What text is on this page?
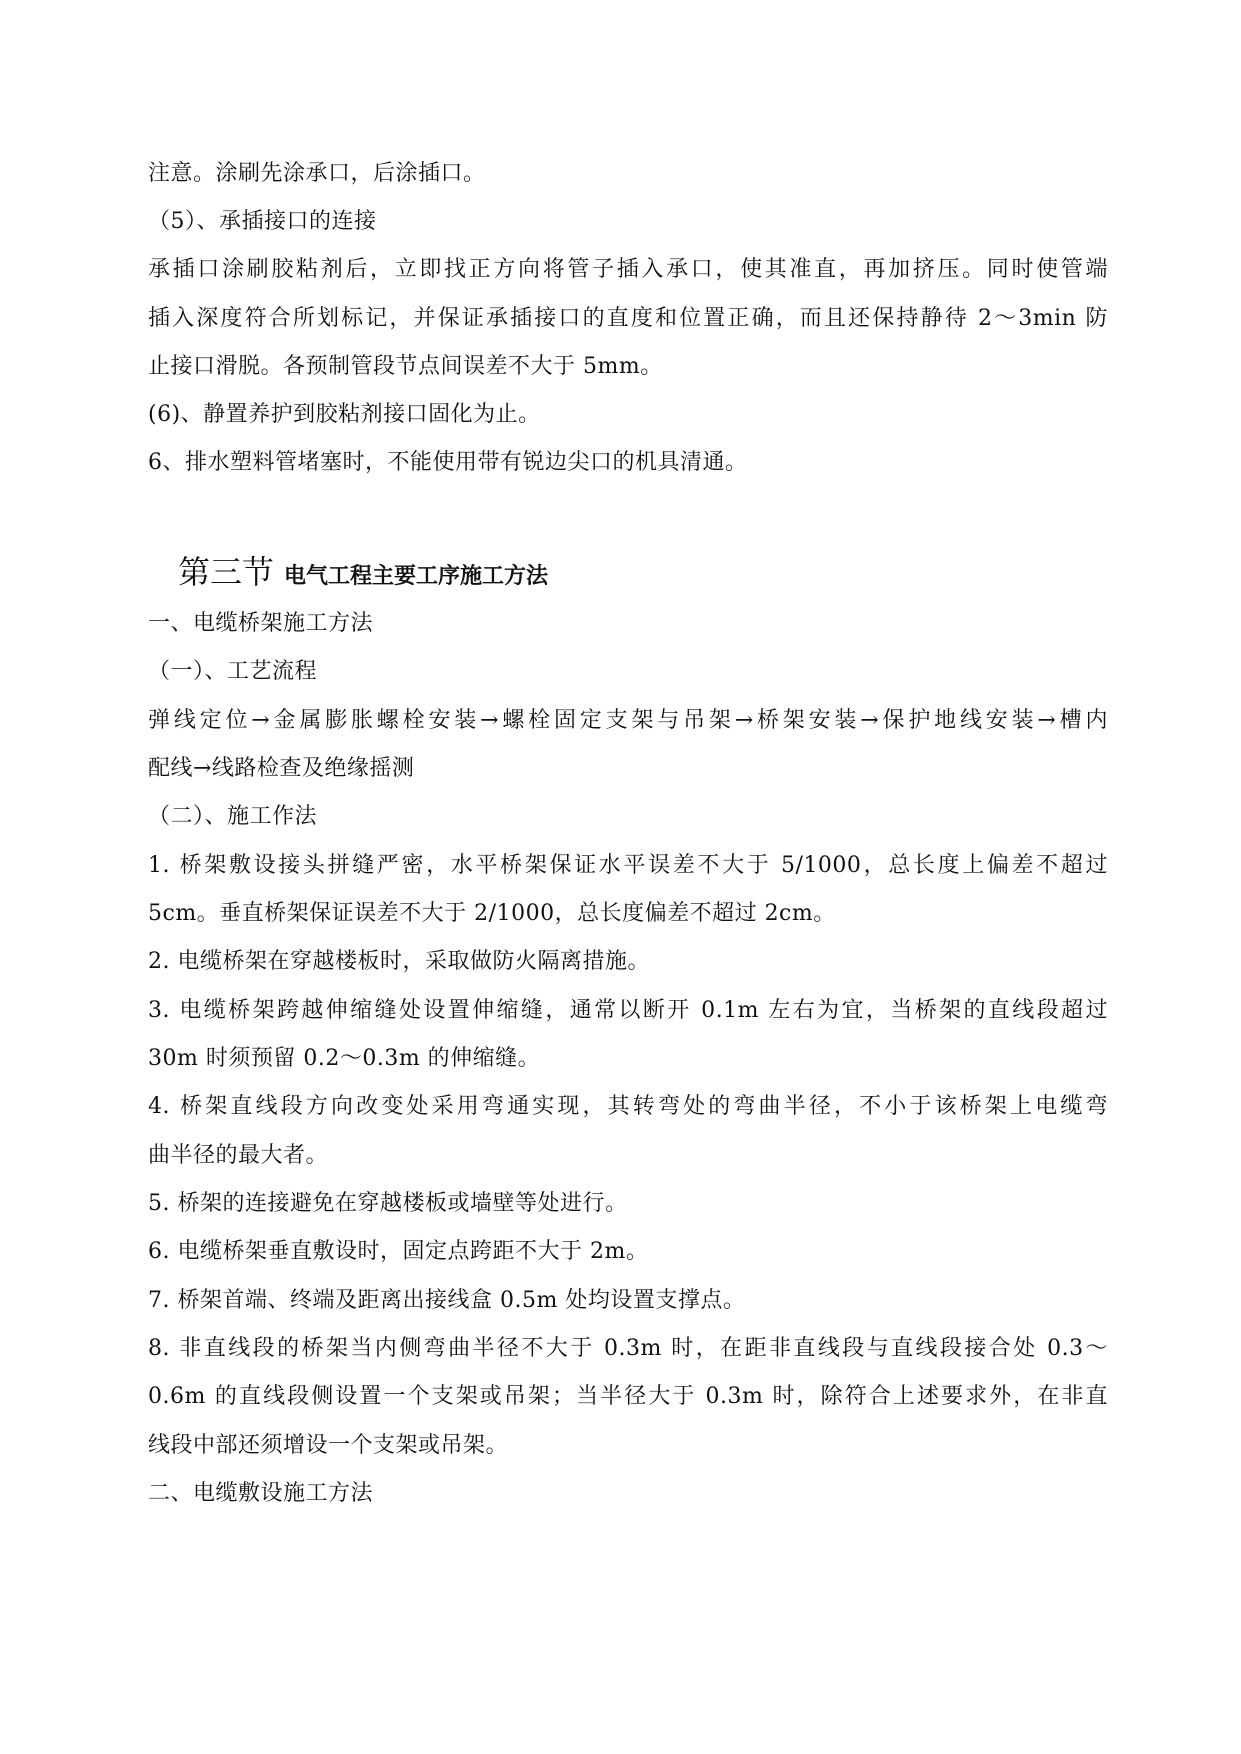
注意。涂刷先涂承口，后涂插口。
（5）、承插接口的连接
承插口涂刷胶粘剂后，立即找正方向将管子插入承口，使其准直，再加挤压。同时使管端
插入深度符合所划标记，并保证承插接口的直度和位置正确，而且还保持静待 2～3min 防
止接口滑脱。各预制管段节点间误差不大于 5mm。
(6)、静置养护到胶粘剂接口固化为止。
6、排水塑料管堵塞时，不能使用带有锐边尖口的机具清通。
第三节 电气工程主要工序施工方法
一、电缆桥架施工方法
（一）、工艺流程
弹线定位→金属膨胀螺栓安装→螺栓固定支架与吊架→桥架安装→保护地线安装→槽内
配线→线路检查及绝缘摇测
（二）、施工作法
1. 桥架敷设接头拼缝严密，水平桥架保证水平误差不大于 5/1000，总长度上偏差不超过
5cm。垂直桥架保证误差不大于 2/1000，总长度偏差不超过 2cm。
2. 电缆桥架在穿越楼板时，采取做防火隔离措施。
3. 电缆桥架跨越伸缩缝处设置伸缩缝，通常以断开 0.1m 左右为宜，当桥架的直线段超过
30m 时须预留 0.2～0.3m 的伸缩缝。
4. 桥架直线段方向改变处采用弯通实现，其转弯处的弯曲半径，不小于该桥架上电缆弯
曲半径的最大者。
5. 桥架的连接避免在穿越楼板或墙壁等处进行。
6. 电缆桥架垂直敷设时，固定点跨距不大于 2m。
7. 桥架首端、终端及距离出接线盒 0.5m 处均设置支撑点。
8. 非直线段的桥架当内侧弯曲半径不大于 0.3m 时，在距非直线段与直线段接合处 0.3～
0.6m 的直线段侧设置一个支架或吊架；当半径大于 0.3m 时，除符合上述要求外，在非直
线段中部还须增设一个支架或吊架。
二、电缆敷设施工方法
